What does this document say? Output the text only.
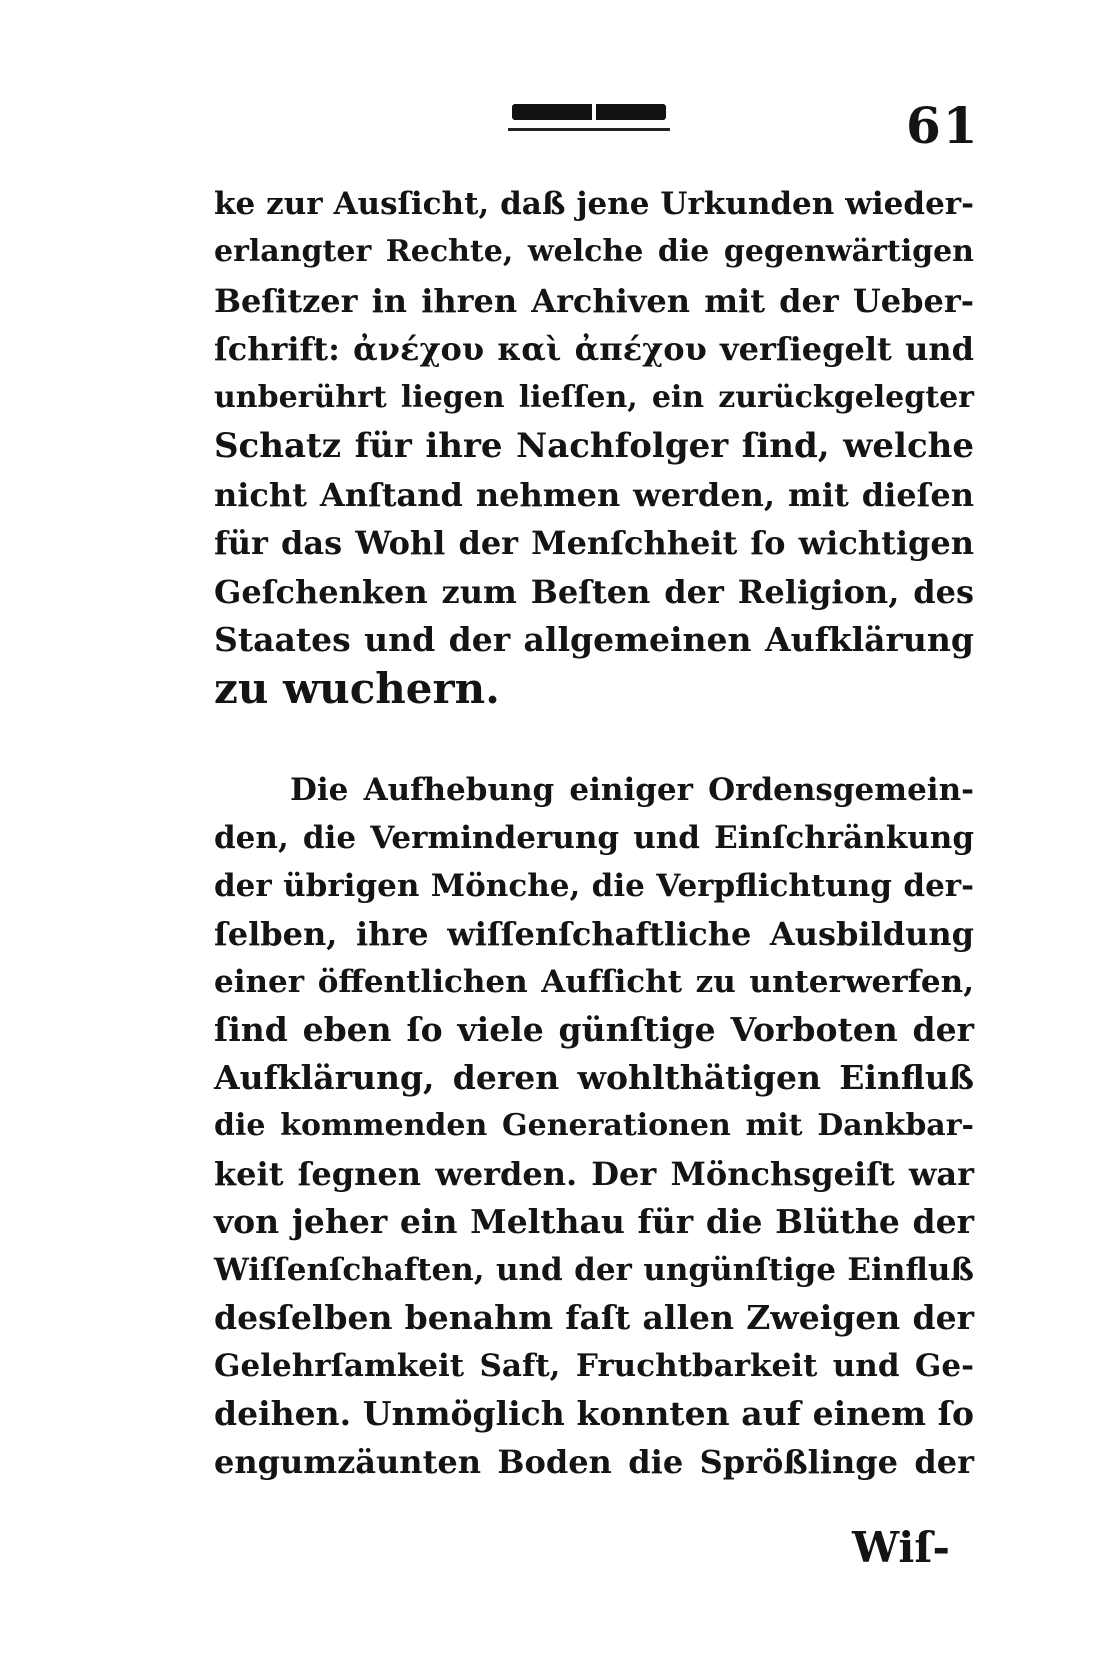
61
ke zur Ausſicht, daß jene Urkunden wieder-
erlangter Rechte, welche die gegenwärtigen
Beſitzer in ihren Archiven mit der Ueber-
ſchrift: ἀνέχου καὶ ἀπέχου verſiegelt und
unberührt liegen lieſſen, ein zurückgelegter
Schatz für ihre Nachfolger ſind, welche
nicht Anſtand nehmen werden, mit dieſen
für das Wohl der Menſchheit ſo wichtigen
Geſchenken zum Beſten der Religion, des
Staates und der allgemeinen Aufklärung
zu wuchern.
Die Aufhebung einiger Ordensgemein-
den, die Verminderung und Einſchränkung
der übrigen Mönche, die Verpflichtung der-
ſelben, ihre wiſſenſchaftliche Ausbildung
einer öffentlichen Aufſicht zu unterwerfen,
ſind eben ſo viele günſtige Vorboten der
Aufklärung, deren wohlthätigen Einfluß
die kommenden Generationen mit Dankbar-
keit ſegnen werden. Der Mönchsgeiſt war
von jeher ein Melthau für die Blüthe der
Wiſſenſchaften, und der ungünſtige Einfluß
desſelben benahm faſt allen Zweigen der
Gelehrſamkeit Saft, Fruchtbarkeit und Ge-
deihen. Unmöglich konnten auf einem ſo
engumzäunten Boden die Sprößlinge der
Wiſ-
